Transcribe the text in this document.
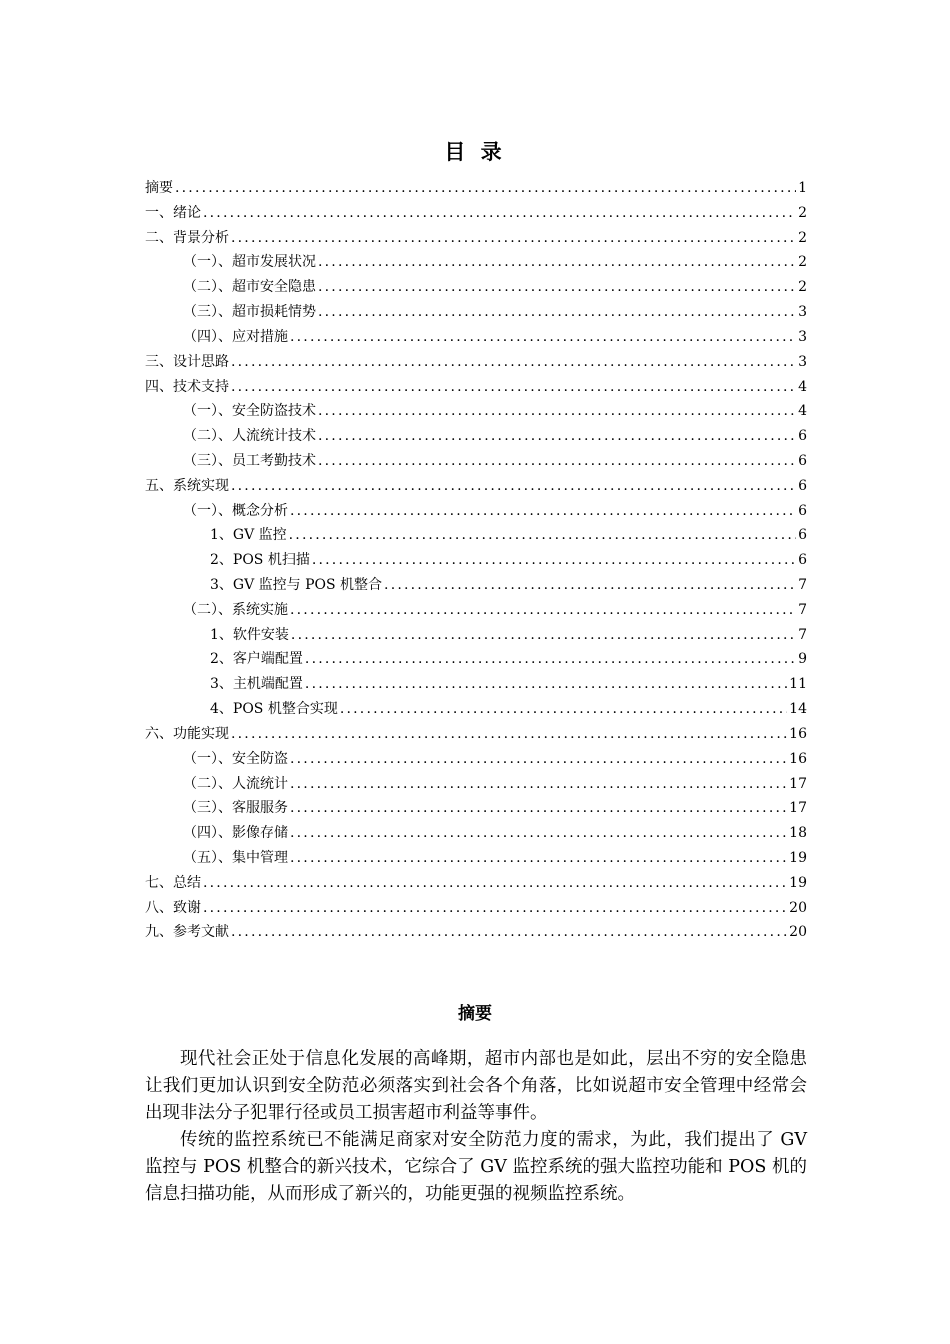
目 录
摘要 .....	1
一、绪论 .....	2
二、背景分析 .....	2
（一）、超市发展状况 .....	2
（二）、超市安全隐患 .....	2
（三）、超市损耗情势 .....	3
（四）、应对措施 .....	3
三、设计思路 .....	3
四、技术支持 .....	4
（一）、安全防盗技术 .....	4
（二）、人流统计技术 .....	6
（三）、员工考勤技术 .....	6
五、系统实现 .....	6
（一）、概念分析 .....	6
1、GV 监控 .....	6
2、POS 机扫描 .....	6
3、GV 监控与 POS 机整合 .....	7
（二）、系统实施 .....	7
1、软件安装 .....	7
2、客户端配置 .....	9
3、主机端配置 .....	11
4、POS 机整合实现 .....	14
六、功能实现 .....	16
（一）、安全防盗 .....	16
（二）、人流统计 .....	17
（三）、客服服务 .....	17
（四）、影像存储 .....	18
（五）、集中管理 .....	19
七、总结 .....	19
八、致谢 .....	20
九、参考文献 .....	20
摘要

现代社会正处于信息化发展的高峰期，超市内部也是如此，层出不穷的安全隐患让我们更加认识到安全防范必须落实到社会各个角落，比如说超市安全管理中经常会出现非法分子犯罪行径或员工损害超市利益等事件。

传统的监控系统已不能满足商家对安全防范力度的需求，为此，我们提出了 GV 监控与 POS 机整合的新兴技术，它综合了 GV 监控系统的强大监控功能和 POS 机的信息扫描功能，从而形成了新兴的，功能更强的视频监控系统。
